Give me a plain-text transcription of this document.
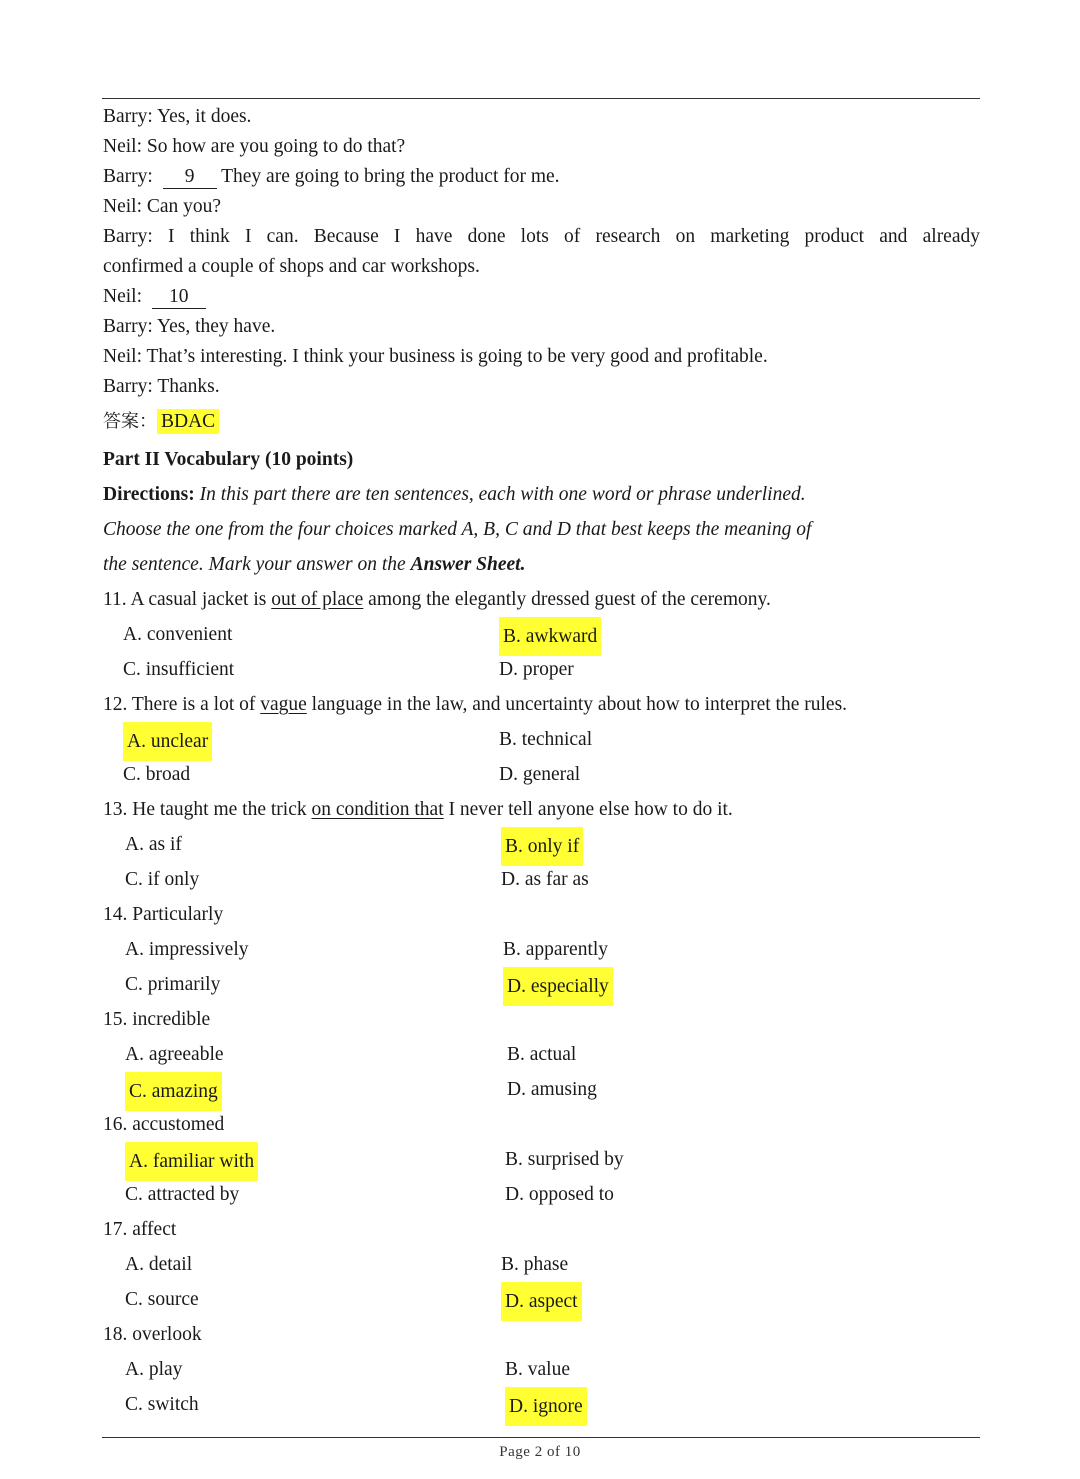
Barry: Yes, it does.
Neil: So how are you going to do that?
Barry: 9 They are going to bring the product for me.
Neil: Can you?
Barry: I think I can. Because I have done lots of research on marketing product and already
confirmed a couple of shops and car workshops.
Neil: 10
Barry: Yes, they have.
Neil: That’s interesting. I think your business is going to be very good and profitable.
Barry: Thanks.
答案： BDAC
Part II Vocabulary (10 points)
Directions: In this part there are ten sentences, each with one word or phrase underlined.
Choose the one from the four choices marked A, B, C and D that best keeps the meaning of
the sentence. Mark your answer on the Answer Sheet.
11. A casual jacket is out of place among the elegantly dressed guest of the ceremony.
A. convenient	B. awkward
C. insufficient	D. proper
12. There is a lot of vague language in the law, and uncertainty about how to interpret the rules.
A. unclear	B. technical
C. broad	D. general
13. He taught me the trick on condition that I never tell anyone else how to do it.
A. as if	B. only if
C. if only	D. as far as
14. Particularly
A. impressively	B. apparently
C. primarily	D. especially
15. incredible
A. agreeable	B. actual
C. amazing	D. amusing
16. accustomed
A. familiar with	B. surprised by
C. attracted by	D. opposed to
17. affect
A. detail	B. phase
C. source	D. aspect
18. overlook
A. play	B. value
C. switch	D. ignore
Page 2 of 10
